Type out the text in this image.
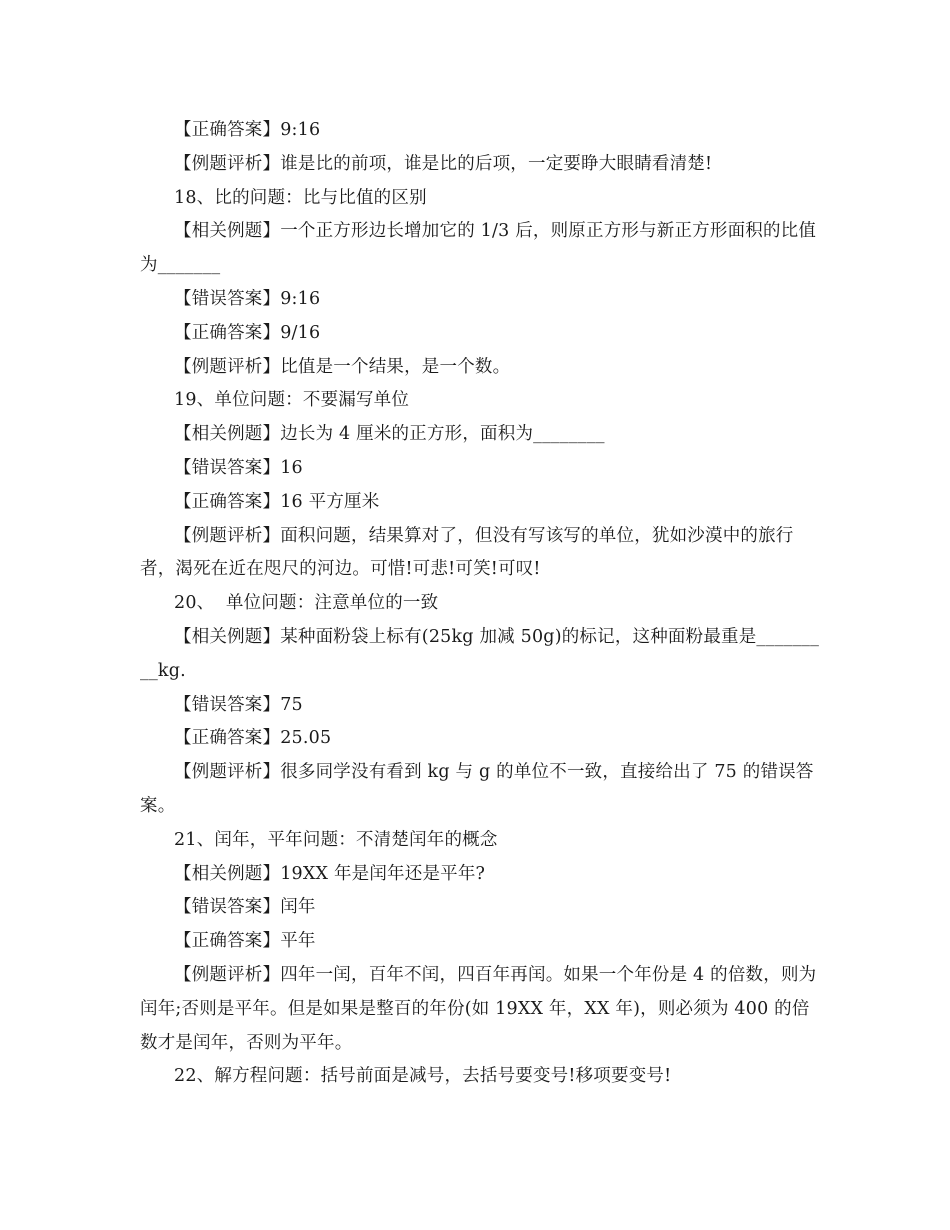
【正确答案】9:16

【例题评析】谁是比的前项，谁是比的后项，一定要睁大眼睛看清楚!

18、比的问题：比与比值的区别

【相关例题】一个正方形边长增加它的 1/3 后，则原正方形与新正方形面积的比值为_______

【错误答案】9:16

【正确答案】9/16

【例题评析】比值是一个结果，是一个数。

19、单位问题：不要漏写单位

【相关例题】边长为 4 厘米的正方形，面积为________

【错误答案】16

【正确答案】16 平方厘米

【例题评析】面积问题，结果算对了，但没有写该写的单位，犹如沙漠中的旅行者，渴死在近在咫尺的河边。可惜!可悲!可笑!可叹!

20、  单位问题：注意单位的一致

【相关例题】某种面粉袋上标有(25kg 加减 50g)的标记，这种面粉最重是_________kg.

【错误答案】75

【正确答案】25.05

【例题评析】很多同学没有看到 kg 与 g 的单位不一致，直接给出了 75 的错误答案。

21、闰年，平年问题：不清楚闰年的概念

【相关例题】19XX 年是闰年还是平年?

【错误答案】闰年

【正确答案】平年

【例题评析】四年一闰，百年不闰，四百年再闰。如果一个年份是 4 的倍数，则为闰年;否则是平年。但是如果是整百的年份(如 19XX 年，XX 年)，则必须为 400 的倍数才是闰年，否则为平年。

22、解方程问题：括号前面是减号，去括号要变号!移项要变号!
